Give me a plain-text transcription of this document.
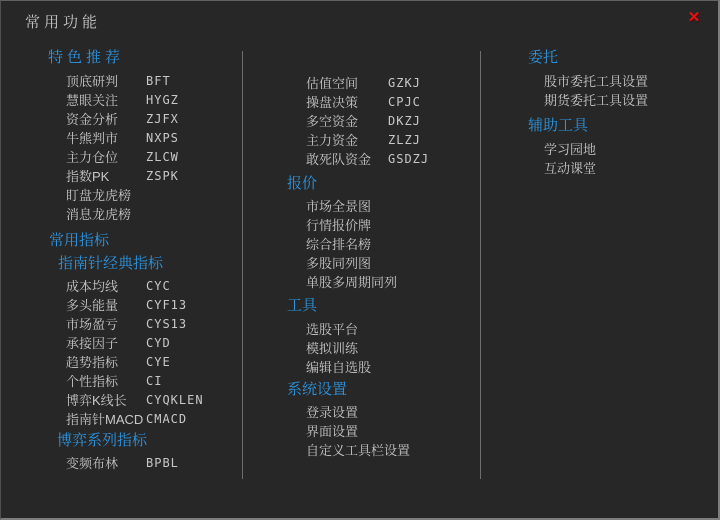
常用功能	✕
特色推荐
顶底研判	BFT
慧眼关注	HYGZ
资金分析	ZJFX
牛熊判市	NXPS
主力仓位	ZLCW
指数PK	ZSPK
盯盘龙虎榜
消息龙虎榜
常用指标
指南针经典指标
成本均线	CYC
多头能量	CYF13
市场盈亏	CYS13
承接因子	CYD
趋势指标	CYE
个性指标	CI
博弈K线长	CYQKLEN
指南针MACD CMACD
博弈系列指标
变频布林	BPBL
估值空间	GZKJ
操盘决策	CPJC
多空资金	DKZJ
主力资金	ZLZJ
敢死队资金	GSDZJ
报价
市场全景图
行情报价牌
综合排名榜
多股同列图
单股多周期同列
工具
选股平台
模拟训练
编辑自选股
系统设置
登录设置
界面设置
自定义工具栏设置
委托
股市委托工具设置
期货委托工具设置
辅助工具
学习园地
互动课堂
